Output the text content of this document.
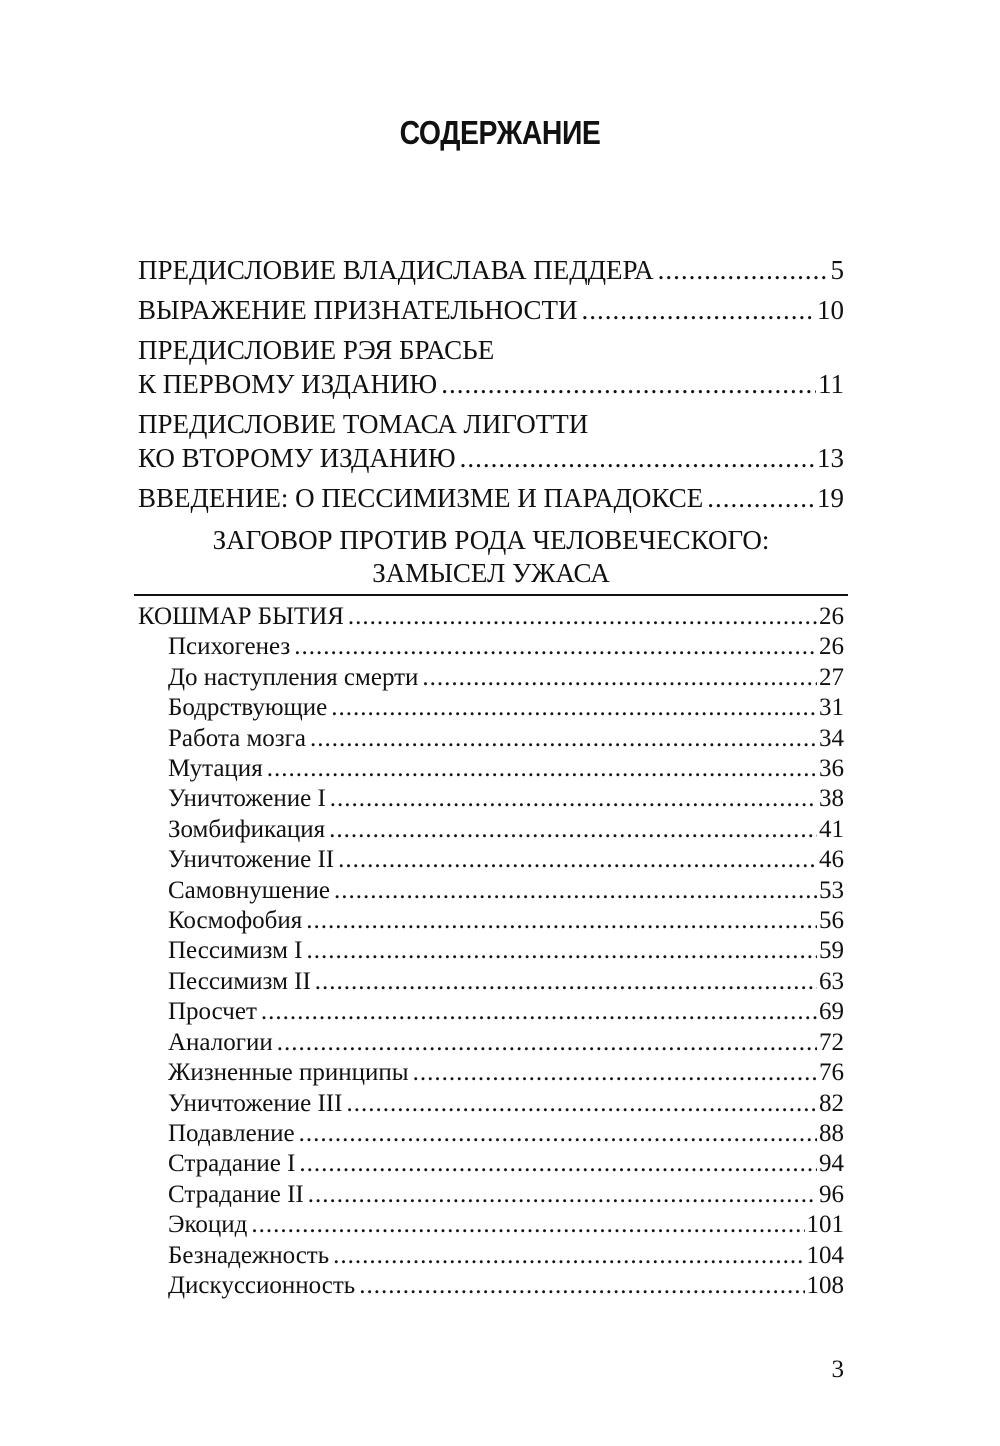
СОДЕРЖАНИЕ
ПРЕДИСЛОВИЕ ВЛАДИСЛАВА ПЕДДЕРА .....	5
ВЫРАЖЕНИЕ ПРИЗНАТЕЛЬНОСТИ .....	10
ПРЕДИСЛОВИЕ РЭЯ БРАСЬЕ
К ПЕРВОМУ ИЗДАНИЮ .....	11
ПРЕДИСЛОВИЕ ТОМАСА ЛИГОТТИ
КО ВТОРОМУ ИЗДАНИЮ .....	13
ВВЕДЕНИЕ: О ПЕССИМИЗМЕ И ПАРАДОКСЕ .....	19
ЗАГОВОР ПРОТИВ РОДА ЧЕЛОВЕЧЕСКОГО:
ЗАМЫСЕЛ УЖАСА
КОШМАР БЫТИЯ .....	26
Психогенез .....	26
До наступления смерти .....	27
Бодрствующие .....	31
Работа мозга .....	34
Мутация .....	36
Уничтожение I .....	38
Зомбификация .....	41
Уничтожение II .....	46
Самовнушение .....	53
Космофобия .....	56
Пессимизм I .....	59
Пессимизм II .....	63
Просчет .....	69
Аналогии .....	72
Жизненные принципы .....	76
Уничтожение III .....	82
Подавление .....	88
Страдание I .....	94
Страдание II .....	96
Экоцид .....	101
Безнадежность .....	104
Дискуссионность .....	108
3
